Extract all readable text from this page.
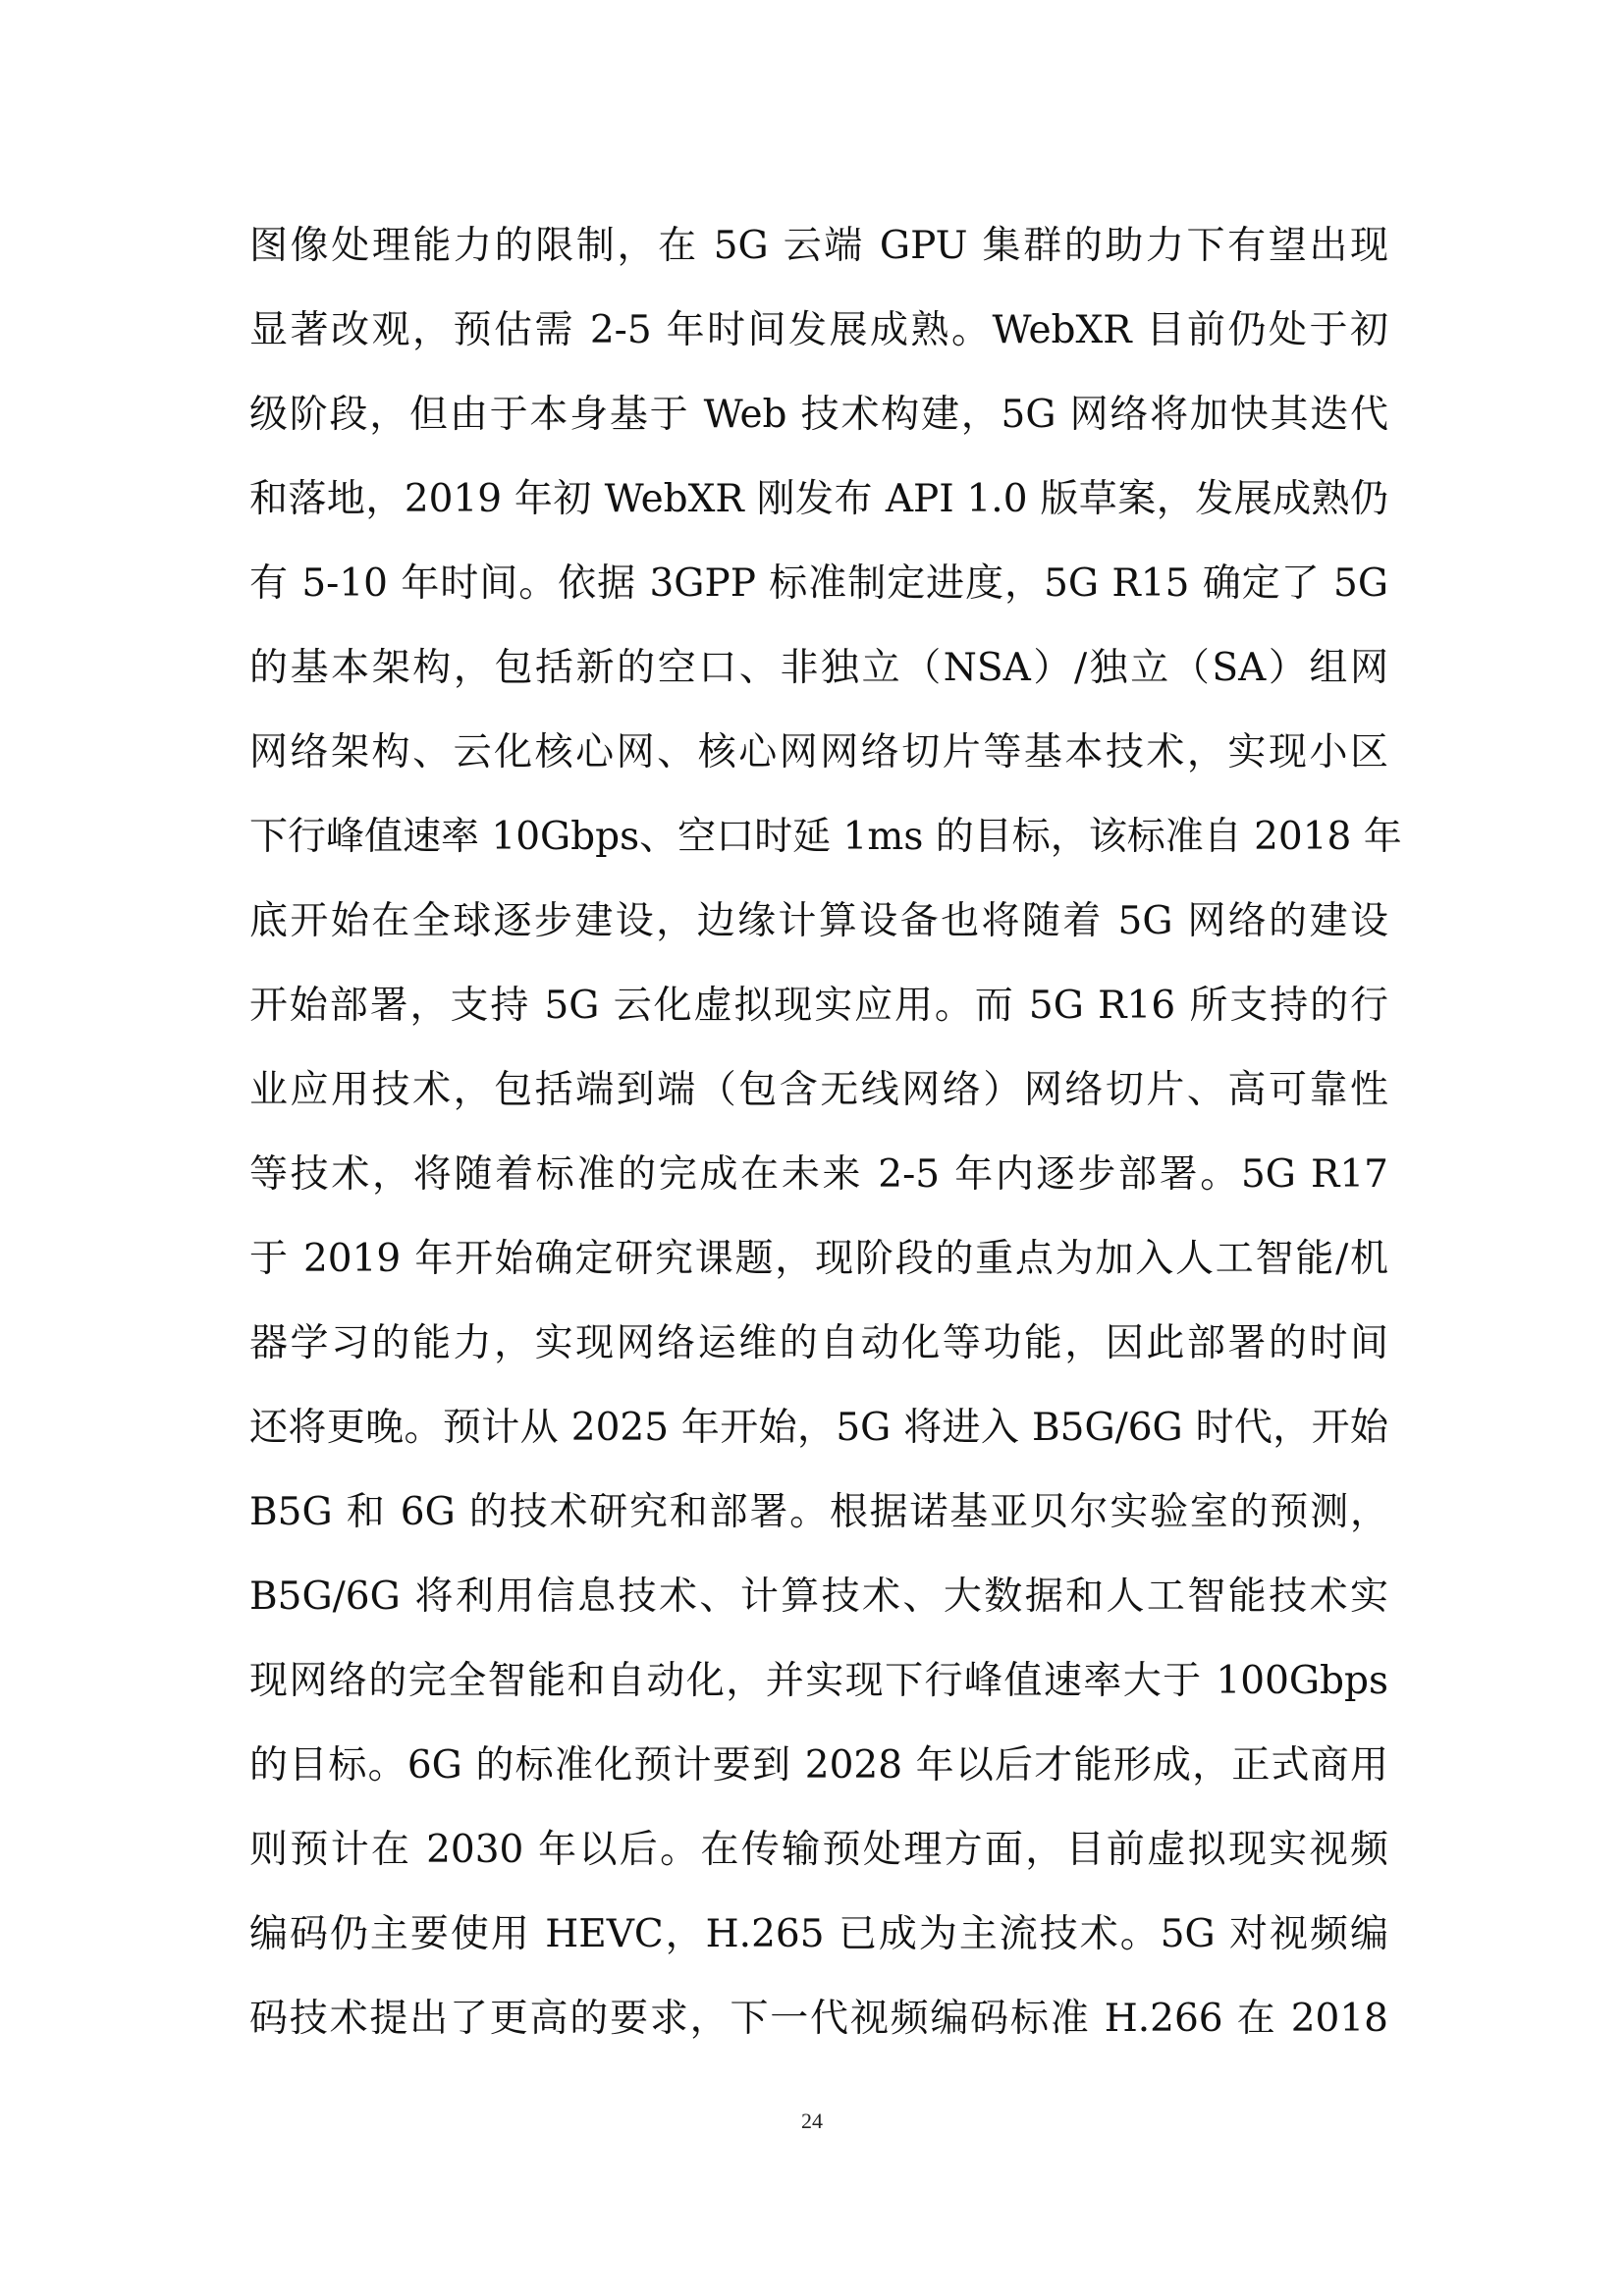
图像处理能力的限制，在 5G 云端 GPU 集群的助力下有望出现
显著改观，预估需 2-5 年时间发展成熟。WebXR 目前仍处于初
级阶段，但由于本身基于 Web 技术构建，5G 网络将加快其迭代
和落地，2019 年初 WebXR 刚发布 API 1.0 版草案，发展成熟仍
有 5-10 年时间。依据 3GPP 标准制定进度，5G R15 确定了 5G
的基本架构，包括新的空口、非独立（NSA）/独立（SA）组网
网络架构、云化核心网、核心网网络切片等基本技术，实现小区
下行峰值速率 10Gbps、空口时延 1ms 的目标，该标准自 2018 年
底开始在全球逐步建设，边缘计算设备也将随着 5G 网络的建设
开始部署，支持 5G 云化虚拟现实应用。而 5G R16 所支持的行
业应用技术，包括端到端（包含无线网络）网络切片、高可靠性
等技术，将随着标准的完成在未来 2-5 年内逐步部署。5G R17
于 2019 年开始确定研究课题，现阶段的重点为加入人工智能/机
器学习的能力，实现网络运维的自动化等功能，因此部署的时间
还将更晚。预计从 2025 年开始，5G 将进入 B5G/6G 时代，开始
B5G 和 6G 的技术研究和部署。根据诺基亚贝尔实验室的预测，
B5G/6G 将利用信息技术、计算技术、大数据和人工智能技术实
现网络的完全智能和自动化，并实现下行峰值速率大于 100Gbps
的目标。6G 的标准化预计要到 2028 年以后才能形成，正式商用
则预计在 2030 年以后。在传输预处理方面，目前虚拟现实视频
编码仍主要使用 HEVC，H.265 已成为主流技术。5G 对视频编
码技术提出了更高的要求，下一代视频编码标准 H.266 在 2018
24
